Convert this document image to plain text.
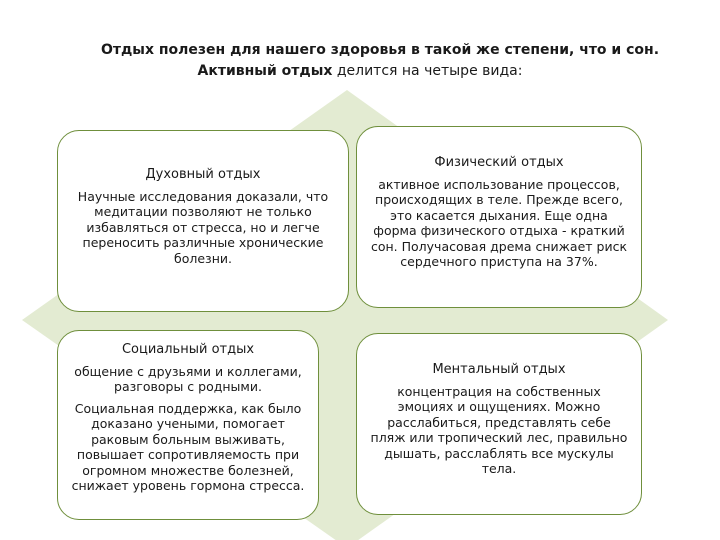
Отдых полезен для нашего здоровья в такой же степени, что и сон.
Активный отдых делится на четыре вида:
Духовный отдых

Научные исследования доказали, что медитации позволяют не только избавляться от стресса, но и легче переносить различные хронические болезни.

Физический отдых

активное использование процессов, происходящих в теле. Прежде всего, это касается дыхания. Еще одна форма физического отдыха - краткий сон. Получасовая дрема снижает риск сердечного приступа на 37%.

Социальный отдых

общение с друзьями и коллегами, разговоры с родными.

Социальная поддержка, как было доказано учеными, помогает раковым больным выживать, повышает сопротивляемость при огромном множестве болезней, снижает уровень гормона стресса.

Ментальный отдых

концентрация на собственных эмоциях и ощущениях. Можно расслабиться, представлять себе пляж или тропический лес, правильно дышать, расслаблять все мускулы тела.
